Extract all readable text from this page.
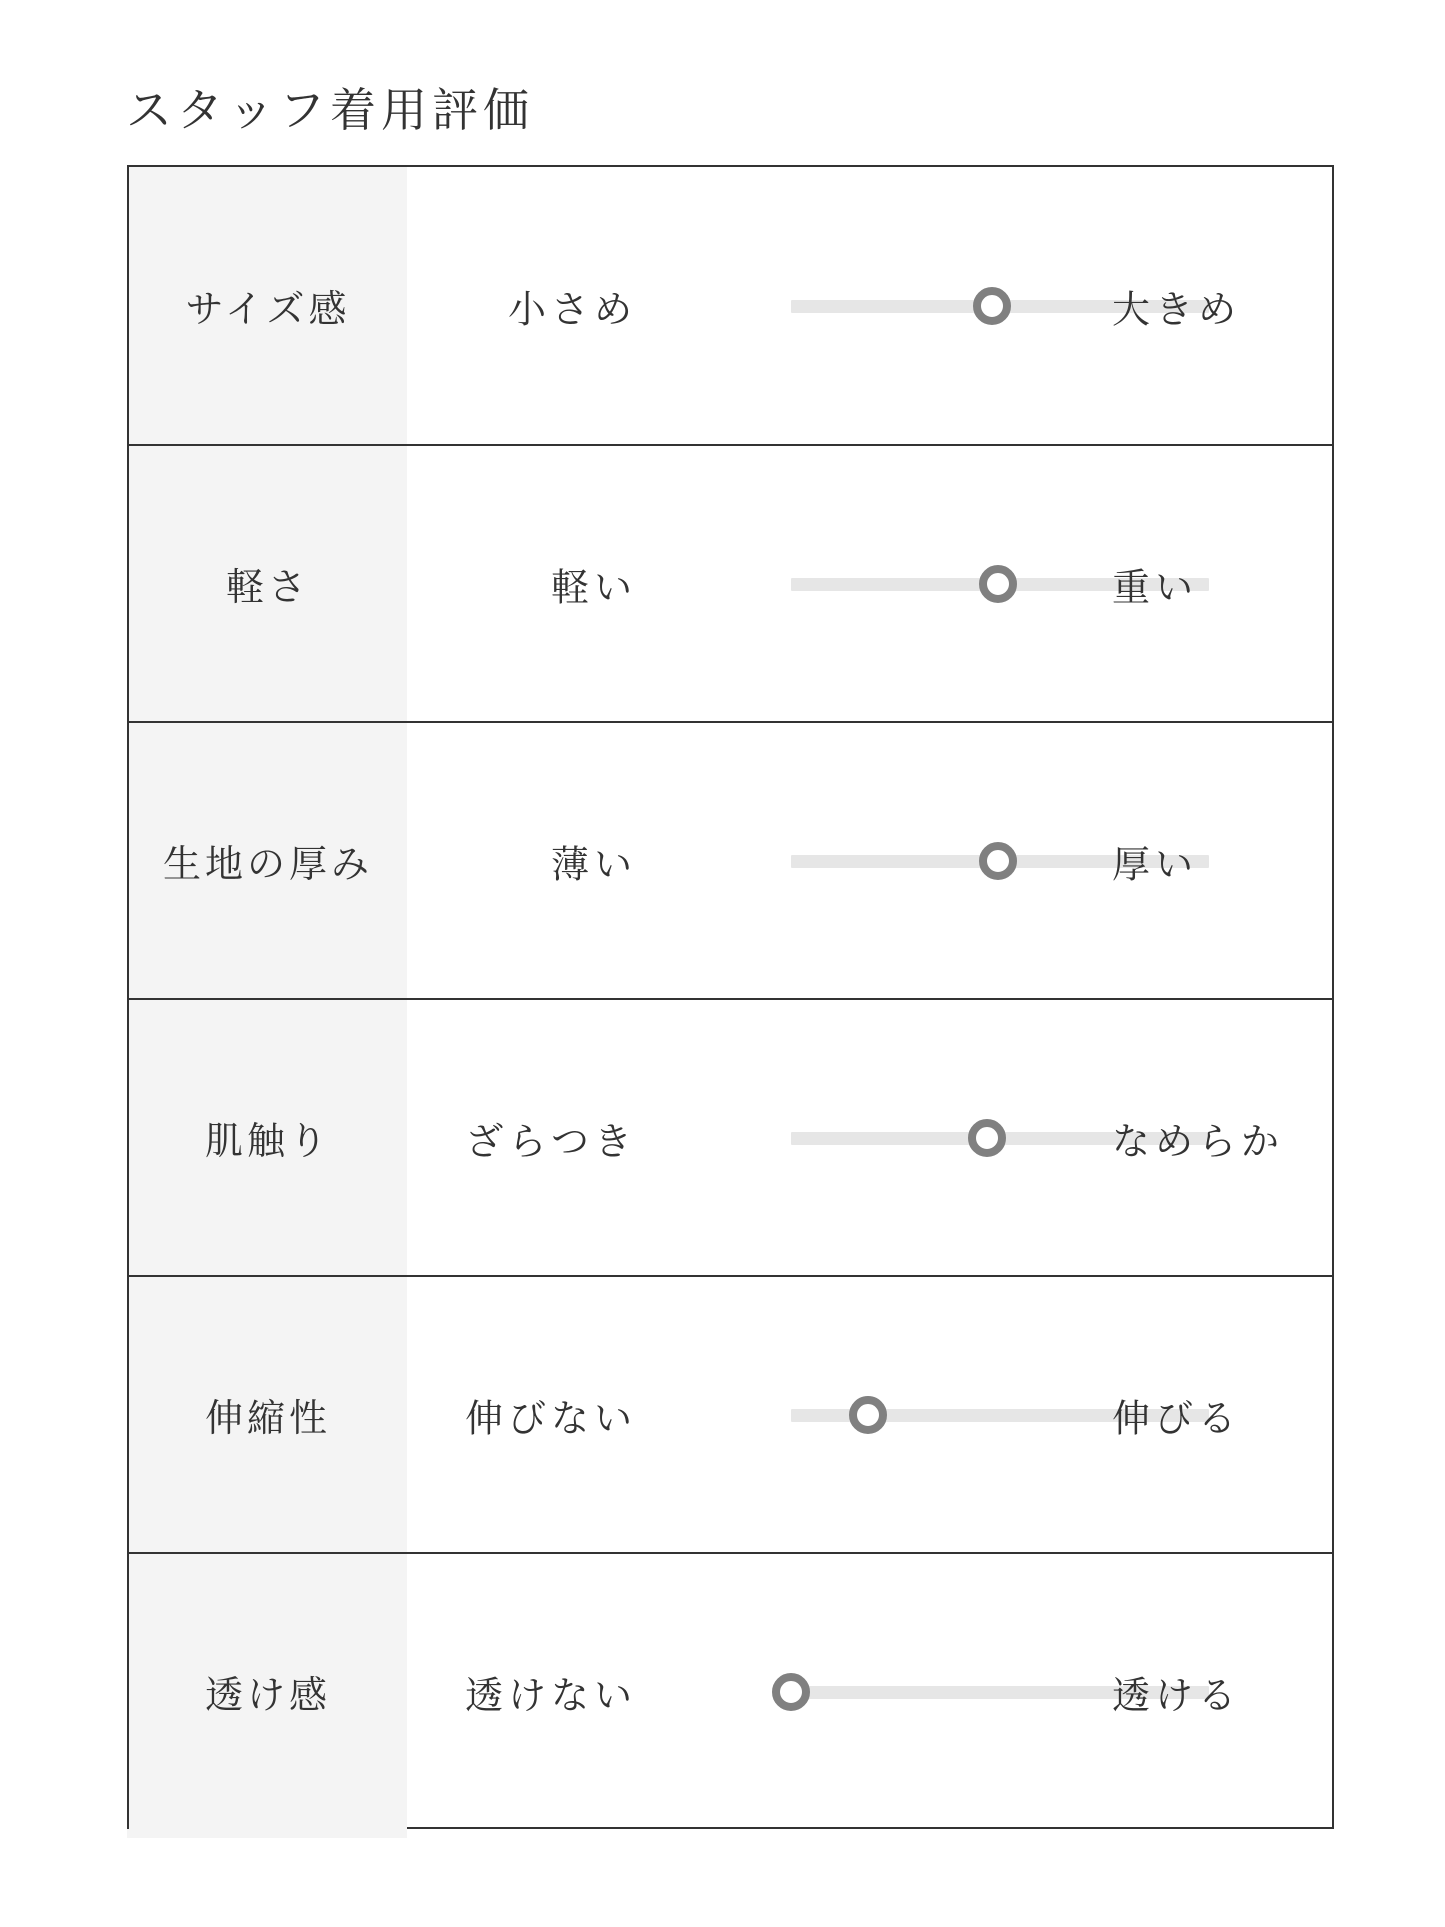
スタッフ着用評価
サイズ感	小さめ	大きめ
軽さ	軽い	重い
生地の厚み	薄い	厚い
肌触り	ざらつき	なめらか
伸縮性	伸びない	伸びる
透け感	透けない	透ける
